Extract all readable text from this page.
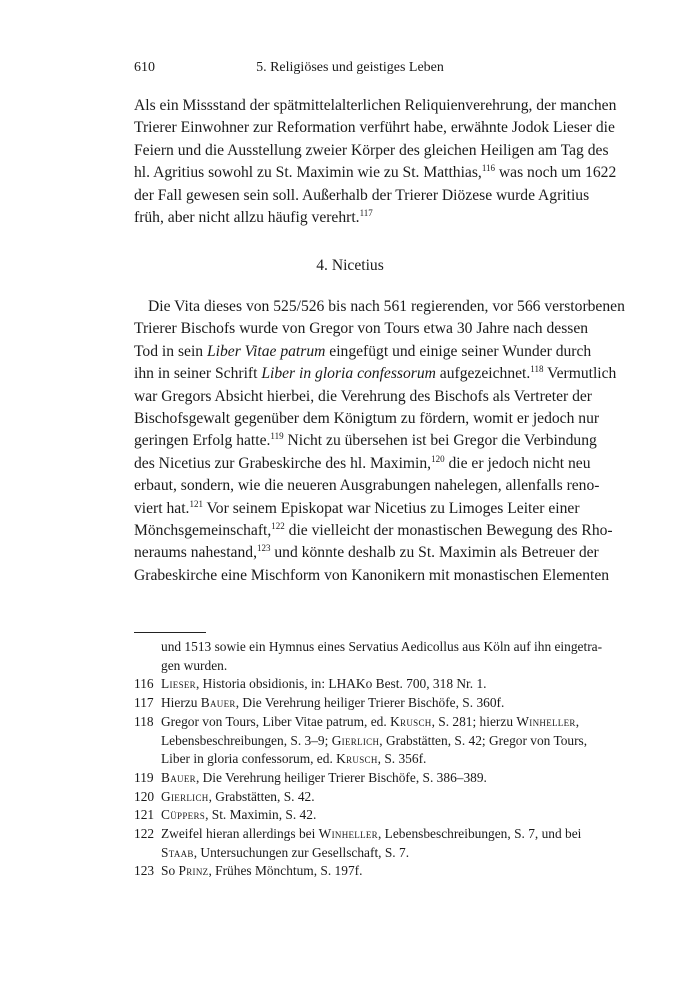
610	5. Religiöses und geistiges Leben
Als ein Missstand der spätmittelalterlichen Reliquienverehrung, der manchen
Trierer Einwohner zur Reformation verführt habe, erwähnte Jodok Lieser die
Feiern und die Ausstellung zweier Körper des gleichen Heiligen am Tag des
hl. Agritius sowohl zu St. Maximin wie zu St. Matthias,$^{116}$ was noch um 1622
der Fall gewesen sein soll. Außerhalb der Trierer Diözese wurde Agritius
früh, aber nicht allzu häufig verehrt.$^{117}$
4. Nicetius
Die Vita dieses von 525/526 bis nach 561 regierenden, vor 566 verstorbenen
Trierer Bischofs wurde von Gregor von Tours etwa 30 Jahre nach dessen
Tod in sein Liber Vitae patrum eingefügt und einige seiner Wunder durch
ihn in seiner Schrift Liber in gloria confessorum aufgezeichnet.$^{118}$ Vermutlich
war Gregors Absicht hierbei, die Verehrung des Bischofs als Vertreter der
Bischofsgewalt gegenüber dem Königtum zu fördern, womit er jedoch nur
geringen Erfolg hatte.$^{119}$ Nicht zu übersehen ist bei Gregor die Verbindung
des Nicetius zur Grabeskirche des hl. Maximin,$^{120}$ die er jedoch nicht neu
erbaut, sondern, wie die neueren Ausgrabungen nahelegen, allenfalls reno-
viert hat.$^{121}$ Vor seinem Episkopat war Nicetius zu Limoges Leiter einer
Mönchsgemeinschaft,$^{122}$ die vielleicht der monastischen Bewegung des Rho-
neraums nahestand,$^{123}$ und könnte deshalb zu St. Maximin als Betreuer der
Grabeskirche eine Mischform von Kanonikern mit monastischen Elementen
und 1513 sowie ein Hymnus eines Servatius Aedicollus aus Köln auf ihn eingetra-
gen wurden.
116 Lieser, Historia obsidionis, in: LHAKo Best. 700, 318 Nr. 1.
117 Hierzu Bauer, Die Verehrung heiliger Trierer Bischöfe, S. 360f.
118 Gregor von Tours, Liber Vitae patrum, ed. Krusch, S. 281; hierzu Winheller,
Lebensbeschreibungen, S. 3–9; Gierlich, Grabstätten, S. 42; Gregor von Tours,
Liber in gloria confessorum, ed. Krusch, S. 356f.
119 Bauer, Die Verehrung heiliger Trierer Bischöfe, S. 386–389.
120 Gierlich, Grabstätten, S. 42.
121 Cüppers, St. Maximin, S. 42.
122 Zweifel hieran allerdings bei Winheller, Lebensbeschreibungen, S. 7, und bei
Staab, Untersuchungen zur Gesellschaft, S. 7.
123 So Prinz, Frühes Mönchtum, S. 197f.
